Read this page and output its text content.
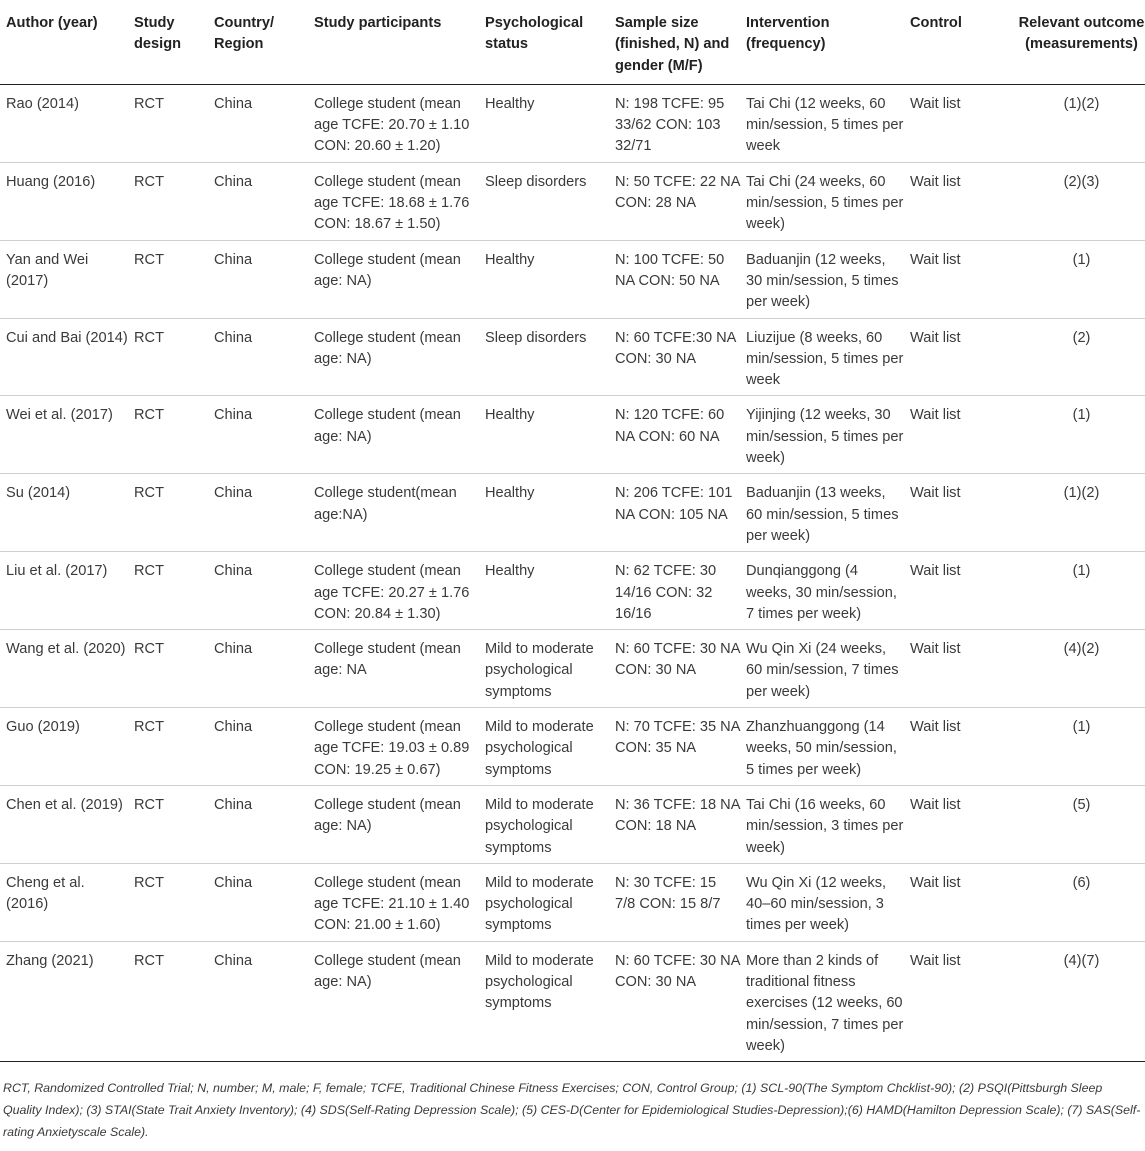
Author (year)	Study design	Country/ Region	Study participants	Psychological status	Sample size (finished, N) and gender (M/F)	Intervention (frequency)	Control	Relevant outcome (measurements)
Rao (2014)	RCT	China	College student (mean age TCFE: 20.70 ± 1.10 CON: 20.60 ± 1.20)	Healthy	N: 198 TCFE: 95 33/62 CON: 103 32/71	Tai Chi (12 weeks, 60 min/session, 5 times per week	Wait list	(1)(2)
Huang (2016)	RCT	China	College student (mean age TCFE: 18.68 ± 1.76 CON: 18.67 ± 1.50)	Sleep disorders	N: 50 TCFE: 22 NA CON: 28 NA	Tai Chi (24 weeks, 60 min/session, 5 times per week)	Wait list	(2)(3)
Yan and Wei (2017)	RCT	China	College student (mean age: NA)	Healthy	N: 100 TCFE: 50 NA CON: 50 NA	Baduanjin (12 weeks, 30 min/session, 5 times per week)	Wait list	(1)
Cui and Bai (2014)	RCT	China	College student (mean age: NA)	Sleep disorders	N: 60 TCFE:30 NA CON: 30 NA	Liuzijue (8 weeks, 60 min/session, 5 times per week	Wait list	(2)
Wei et al. (2017)	RCT	China	College student (mean age: NA)	Healthy	N: 120 TCFE: 60 NA CON: 60 NA	Yijinjing (12 weeks, 30 min/session, 5 times per week)	Wait list	(1)
Su (2014)	RCT	China	College student(mean age:NA)	Healthy	N: 206 TCFE: 101 NA CON: 105 NA	Baduanjin (13 weeks, 60 min/session, 5 times per week)	Wait list	(1)(2)
Liu et al. (2017)	RCT	China	College student (mean age TCFE: 20.27 ± 1.76 CON: 20.84 ± 1.30)	Healthy	N: 62 TCFE: 30 14/16 CON: 32 16/16	Dunqianggong (4 weeks, 30 min/session, 7 times per week)	Wait list	(1)
Wang et al. (2020)	RCT	China	College student (mean age: NA	Mild to moderate psychological symptoms	N: 60 TCFE: 30 NA CON: 30 NA	Wu Qin Xi (24 weeks, 60 min/session, 7 times per week)	Wait list	(4)(2)
Guo (2019)	RCT	China	College student (mean age TCFE: 19.03 ± 0.89 CON: 19.25 ± 0.67)	Mild to moderate psychological symptoms	N: 70 TCFE: 35 NA CON: 35 NA	Zhanzhuanggong (14 weeks, 50 min/session, 5 times per week)	Wait list	(1)
Chen et al. (2019)	RCT	China	College student (mean age: NA)	Mild to moderate psychological symptoms	N: 36 TCFE: 18 NA CON: 18 NA	Tai Chi (16 weeks, 60 min/session, 3 times per week)	Wait list	(5)
Cheng et al. (2016)	RCT	China	College student (mean age TCFE: 21.10 ± 1.40 CON: 21.00 ± 1.60)	Mild to moderate psychological symptoms	N: 30 TCFE: 15 7/8 CON: 15 8/7	Wu Qin Xi (12 weeks, 40–60 min/session, 3 times per week)	Wait list	(6)
Zhang (2021)	RCT	China	College student (mean age: NA)	Mild to moderate psychological symptoms	N: 60 TCFE: 30 NA CON: 30 NA	More than 2 kinds of traditional fitness exercises (12 weeks, 60 min/session, 7 times per week)	Wait list	(4)(7)
RCT, Randomized Controlled Trial; N, number; M, male; F, female; TCFE, Traditional Chinese Fitness Exercises; CON, Control Group; (1) SCL-90(The Symptom Chcklist-90); (2) PSQI(Pittsburgh Sleep Quality Index); (3) STAI(State Trait Anxiety Inventory); (4) SDS(Self-Rating Depression Scale); (5) CES-D(Center for Epidemiological Studies-Depression);(6) HAMD(Hamilton Depression Scale); (7) SAS(Self-rating Anxietyscale Scale).
